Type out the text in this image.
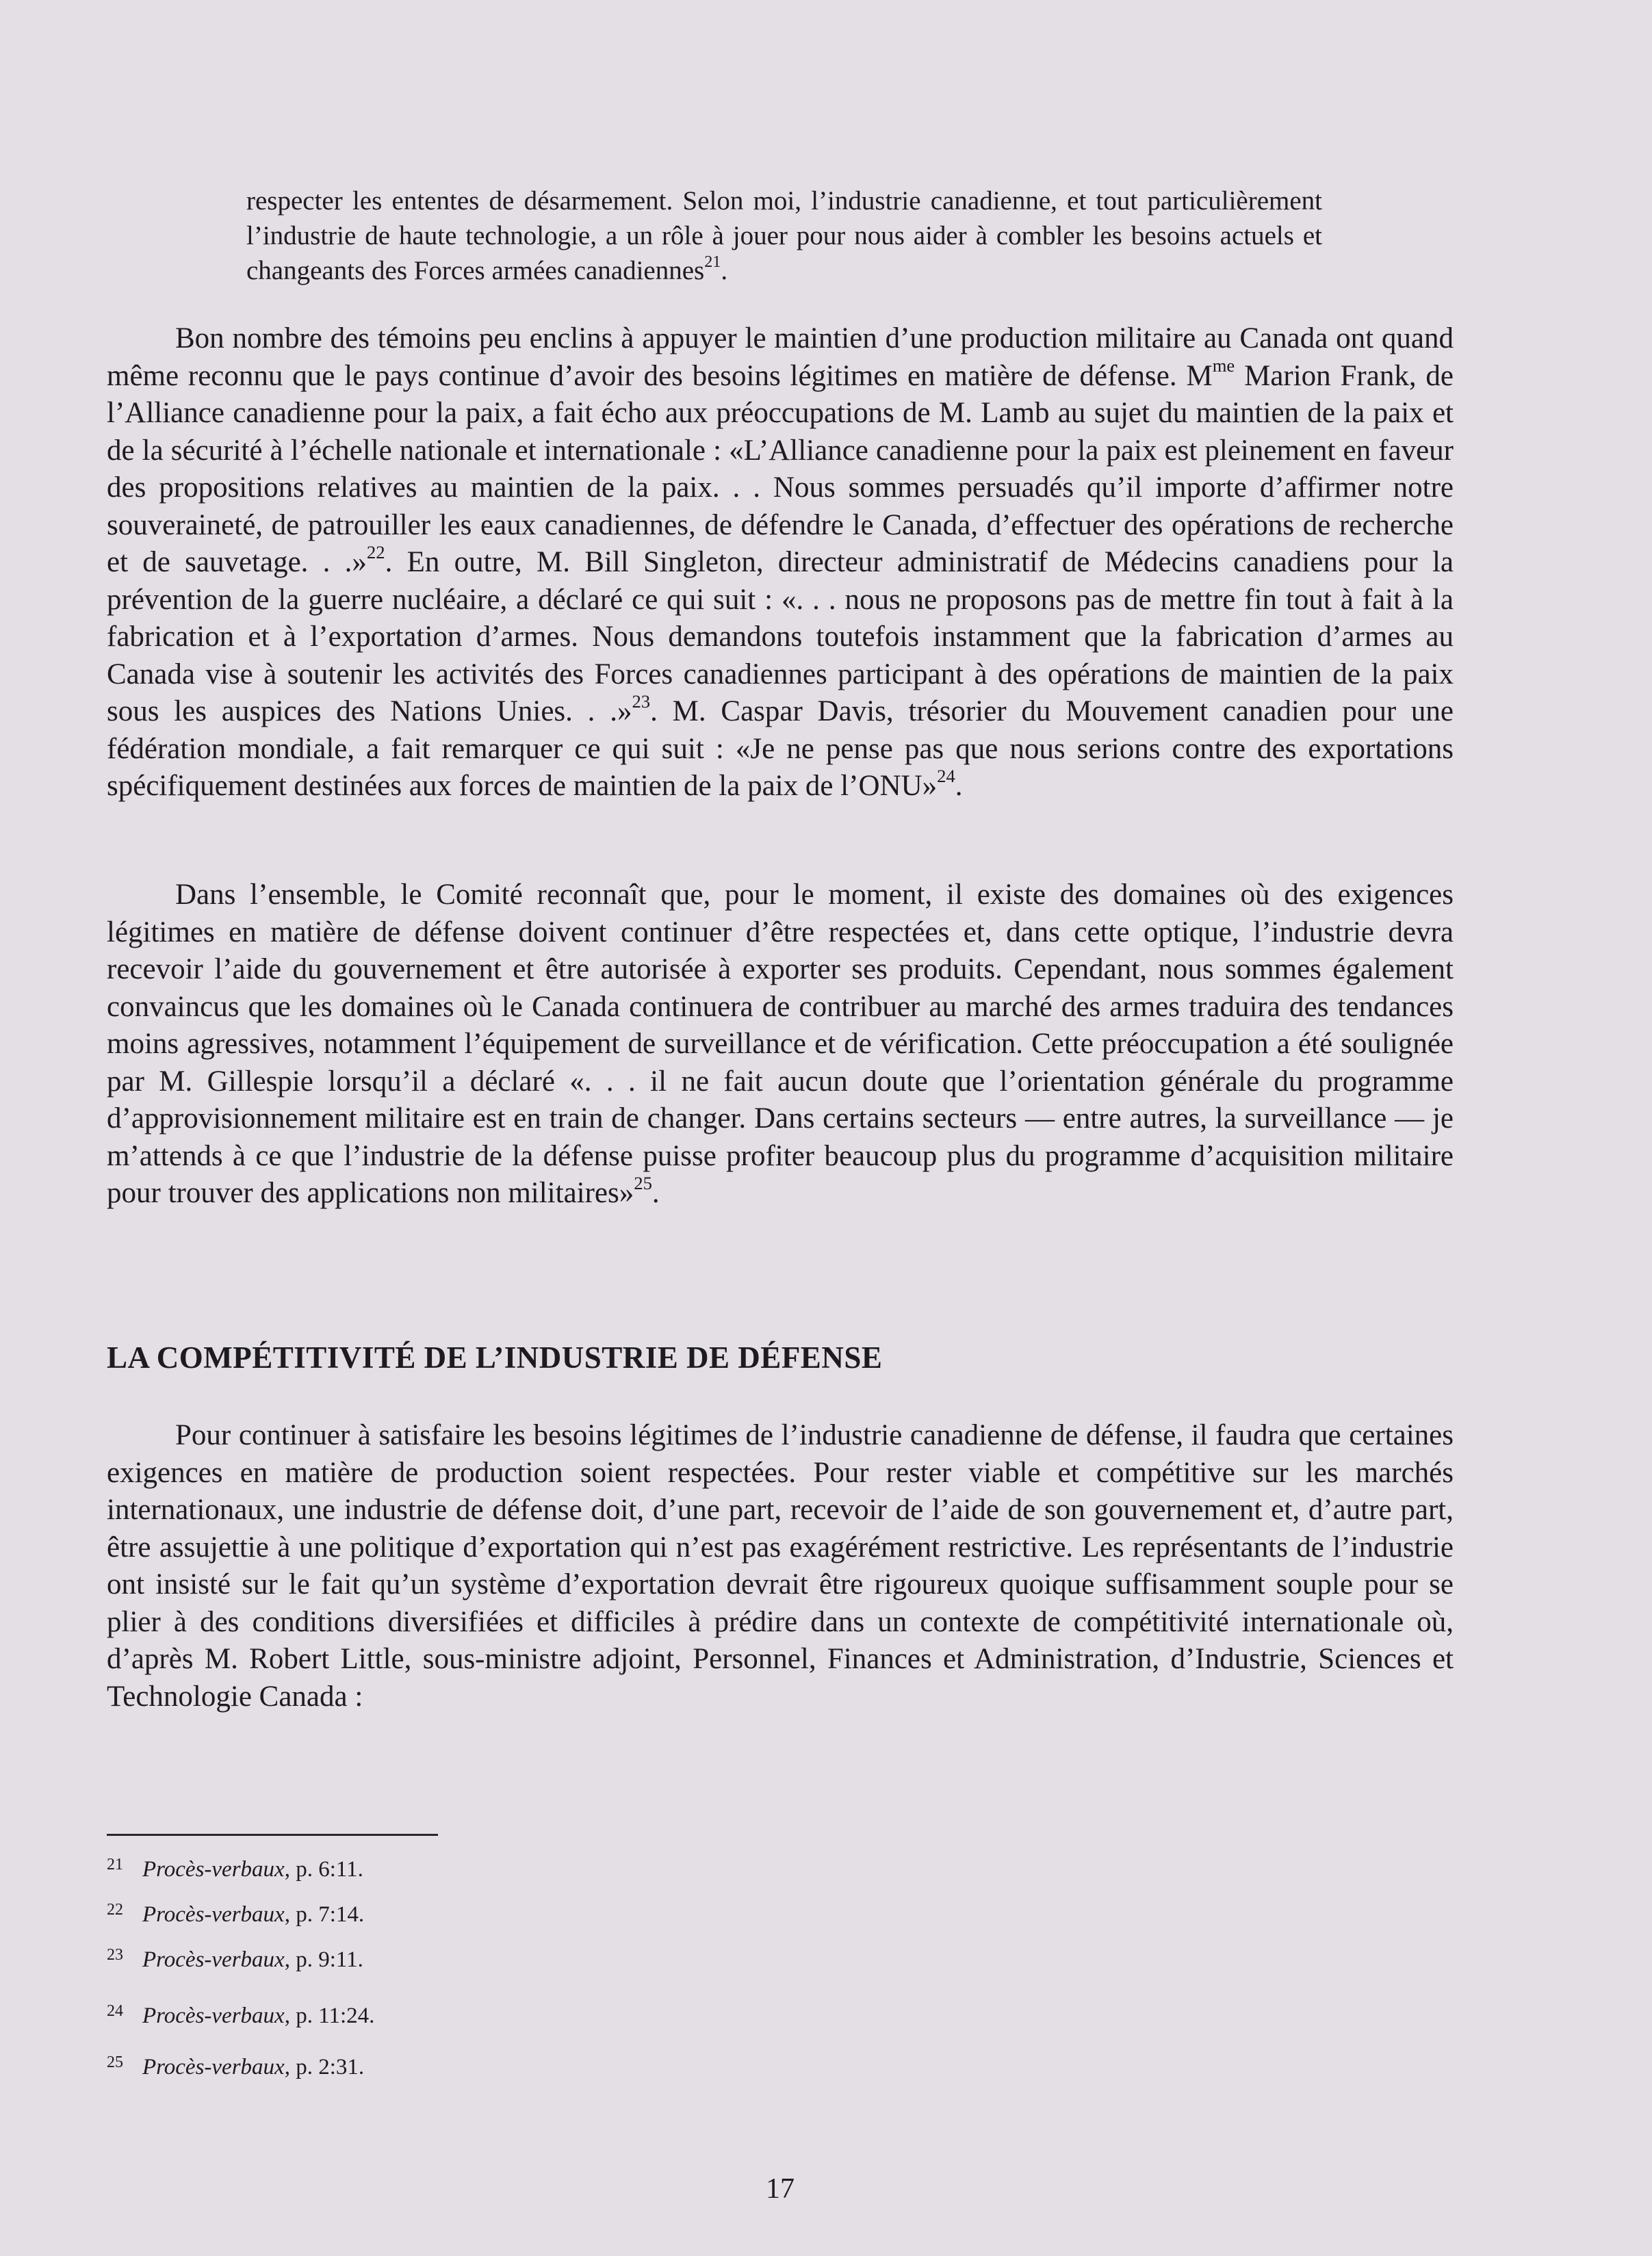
respecter les ententes de désarmement. Selon moi, l’industrie canadienne, et tout particulièrement l’industrie de haute technologie, a un rôle à jouer pour nous aider à combler les besoins actuels et changeants des Forces armées canadiennes$^{21}$.

Bon nombre des témoins peu enclins à appuyer le maintien d’une production militaire au Canada ont quand même reconnu que le pays continue d’avoir des besoins légitimes en matière de défense. $M^{me}$ Marion Frank, de l’Alliance canadienne pour la paix, a fait écho aux préoccupations de M. Lamb au sujet du maintien de la paix et de la sécurité à l’échelle nationale et internationale : «L’Alliance canadienne pour la paix est pleinement en faveur des propositions relatives au maintien de la paix. . . Nous sommes persuadés qu’il importe d’affirmer notre souveraineté, de patrouiller les eaux canadiennes, de défendre le Canada, d’effectuer des opérations de recherche et de sauvetage. . .»$^{22}$. En outre, M. Bill Singleton, directeur administratif de Médecins canadiens pour la prévention de la guerre nucléaire, a déclaré ce qui suit : «. . . nous ne proposons pas de mettre fin tout à fait à la fabrication et à l’exportation d’armes. Nous demandons toutefois instamment que la fabrication d’armes au Canada vise à soutenir les activités des Forces canadiennes participant à des opérations de maintien de la paix sous les auspices des Nations Unies. . .»$^{23}$. M. Caspar Davis, trésorier du Mouvement canadien pour une fédération mondiale, a fait remarquer ce qui suit : «Je ne pense pas que nous serions contre des exportations spécifiquement destinées aux forces de maintien de la paix de l’ONU»$^{24}$.

Dans l’ensemble, le Comité reconnaît que, pour le moment, il existe des domaines où des exigences légitimes en matière de défense doivent continuer d’être respectées et, dans cette optique, l’industrie devra recevoir l’aide du gouvernement et être autorisée à exporter ses produits. Cependant, nous sommes également convaincus que les domaines où le Canada continuera de contribuer au marché des armes traduira des tendances moins agressives, notamment l’équipement de surveillance et de vérification. Cette préoccupation a été soulignée par M. Gillespie lorsqu’il a déclaré «. . . il ne fait aucun doute que l’orientation générale du programme d’approvisionnement militaire est en train de changer. Dans certains secteurs — entre autres, la surveillance — je m’attends à ce que l’industrie de la défense puisse profiter beaucoup plus du programme d’acquisition militaire pour trouver des applications non militaires»$^{25}$.

LA COMPÉTITIVITÉ DE L’INDUSTRIE DE DÉFENSE

Pour continuer à satisfaire les besoins légitimes de l’industrie canadienne de défense, il faudra que certaines exigences en matière de production soient respectées. Pour rester viable et compétitive sur les marchés internationaux, une industrie de défense doit, d’une part, recevoir de l’aide de son gouvernement et, d’autre part, être assujettie à une politique d’exportation qui n’est pas exagérément restrictive. Les représentants de l’industrie ont insisté sur le fait qu’un système d’exportation devrait être rigoureux quoique suffisamment souple pour se plier à des conditions diversifiées et difficiles à prédire dans un contexte de compétitivité internationale où, d’après M. Robert Little, sous-ministre adjoint, Personnel, Finances et Administration, d’Industrie, Sciences et Technologie Canada :

21 Procès-verbaux, p. 6:11.
22 Procès-verbaux, p. 7:14.
23 Procès-verbaux, p. 9:11.
24 Procès-verbaux, p. 11:24.
25 Procès-verbaux, p. 2:31.
17
